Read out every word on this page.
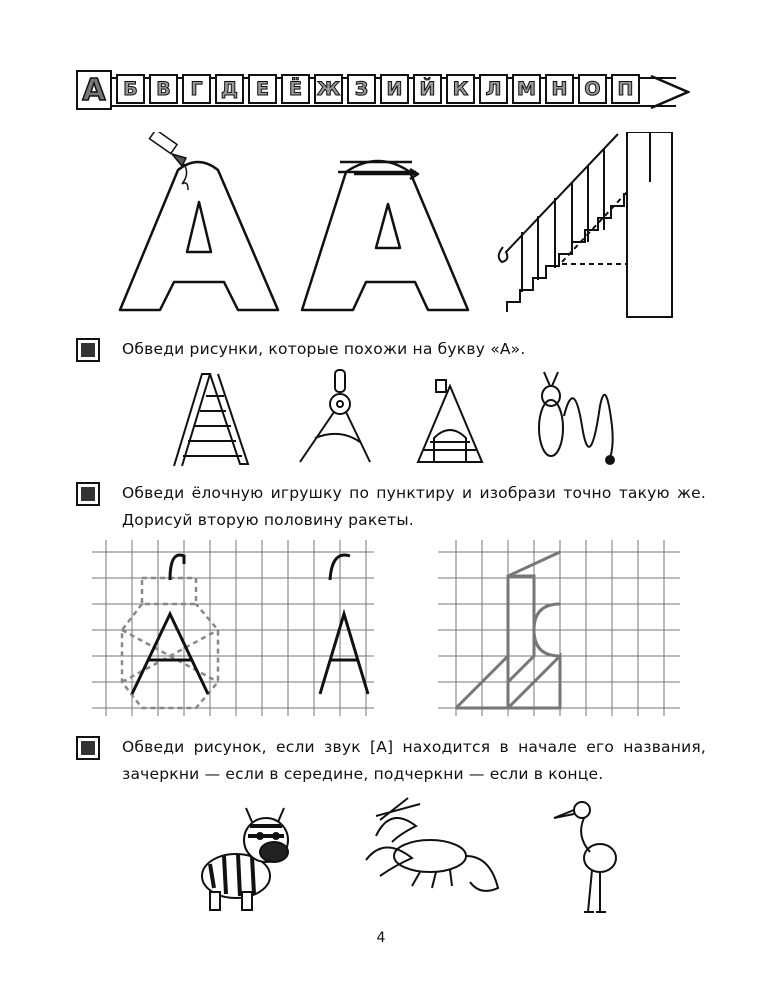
А Б В	Г Д Е	Ё Ж З И Й К Л М Н О П
Обведи рисунки, которые похожи на букву «А».
Обведи ёлочную игрушку по пунктиру и изобрази точно такую же. Дорисуй вторую половину ракеты.
Обведи рисунок, если звук [А] находится в начале его названия, зачеркни — если в середине, подчеркни — если в конце.
4
